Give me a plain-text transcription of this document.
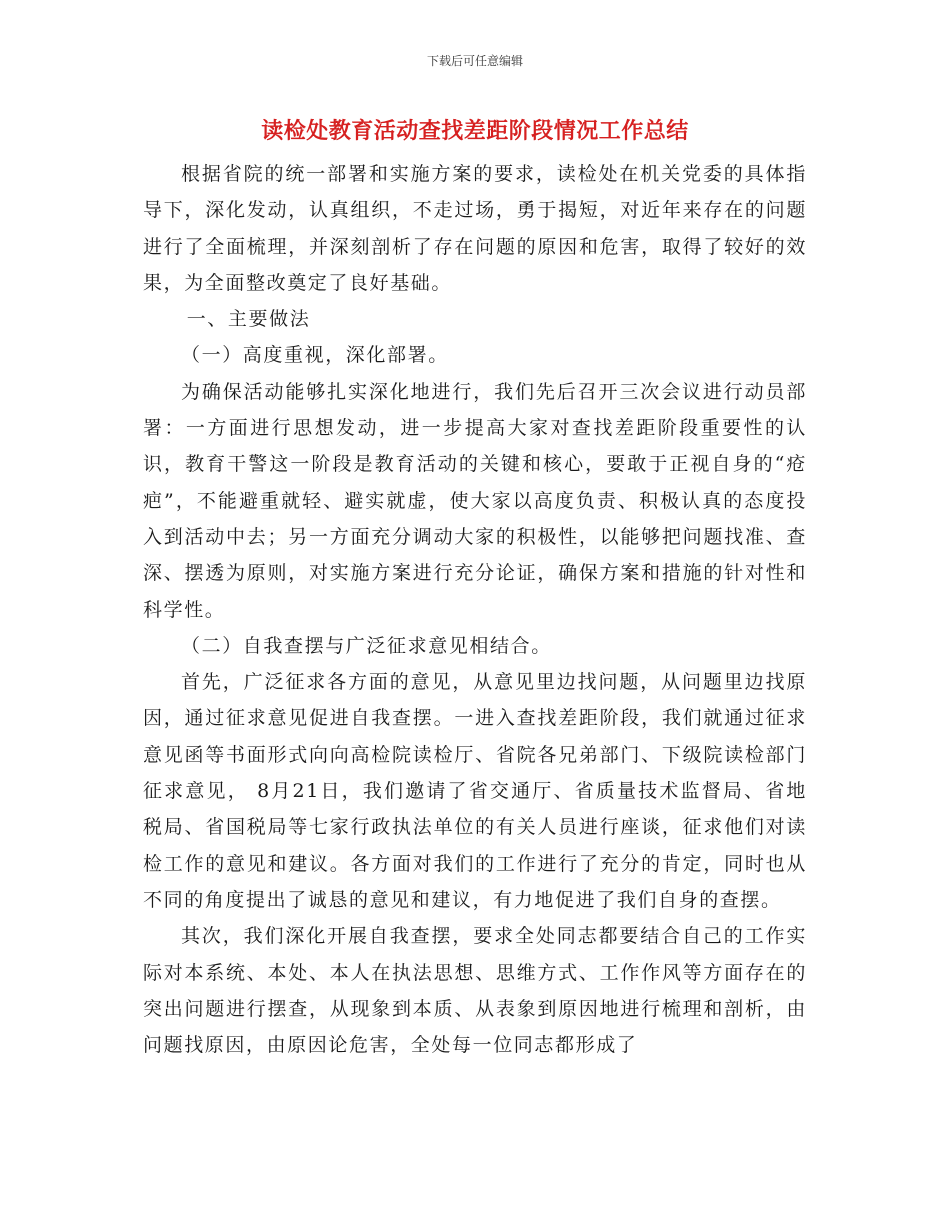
下载后可任意编辑
读检处教育活动查找差距阶段情况工作总结

根据省院的统一部署和实施方案的要求，读检处在机关党委的具体指导下，深化发动，认真组织，不走过场，勇于揭短，对近年来存在的问题进行了全面梳理，并深刻剖析了存在问题的原因和危害，取得了较好的效果，为全面整改奠定了良好基础。

一、主要做法

（一）高度重视，深化部署。

为确保活动能够扎实深化地进行，我们先后召开三次会议进行动员部署：一方面进行思想发动，进一步提高大家对查找差距阶段重要性的认识，教育干警这一阶段是教育活动的关键和核心，要敢于正视自身的“疮疤”，不能避重就轻、避实就虚，使大家以高度负责、积极认真的态度投入到活动中去；另一方面充分调动大家的积极性，以能够把问题找准、查深、摆透为原则，对实施方案进行充分论证，确保方案和措施的针对性和科学性。

（二）自我查摆与广泛征求意见相结合。

首先，广泛征求各方面的意见，从意见里边找问题，从问题里边找原因，通过征求意见促进自我查摆。一进入查找差距阶段，我们就通过征求意见函等书面形式向向高检院读检厅、省院各兄弟部门、下级院读检部门征求意见， 8月21日，我们邀请了省交通厅、省质量技术监督局、省地税局、省国税局等七家行政执法单位的有关人员进行座谈，征求他们对读检工作的意见和建议。各方面对我们的工作进行了充分的肯定，同时也从不同的角度提出了诚恳的意见和建议，有力地促进了我们自身的查摆。

其次，我们深化开展自我查摆，要求全处同志都要结合自己的工作实际对本系统、本处、本人在执法思想、思维方式、工作作风等方面存在的突出问题进行摆查，从现象到本质、从表象到原因地进行梳理和剖析，由问题找原因，由原因论危害，全处每一位同志都形成了
